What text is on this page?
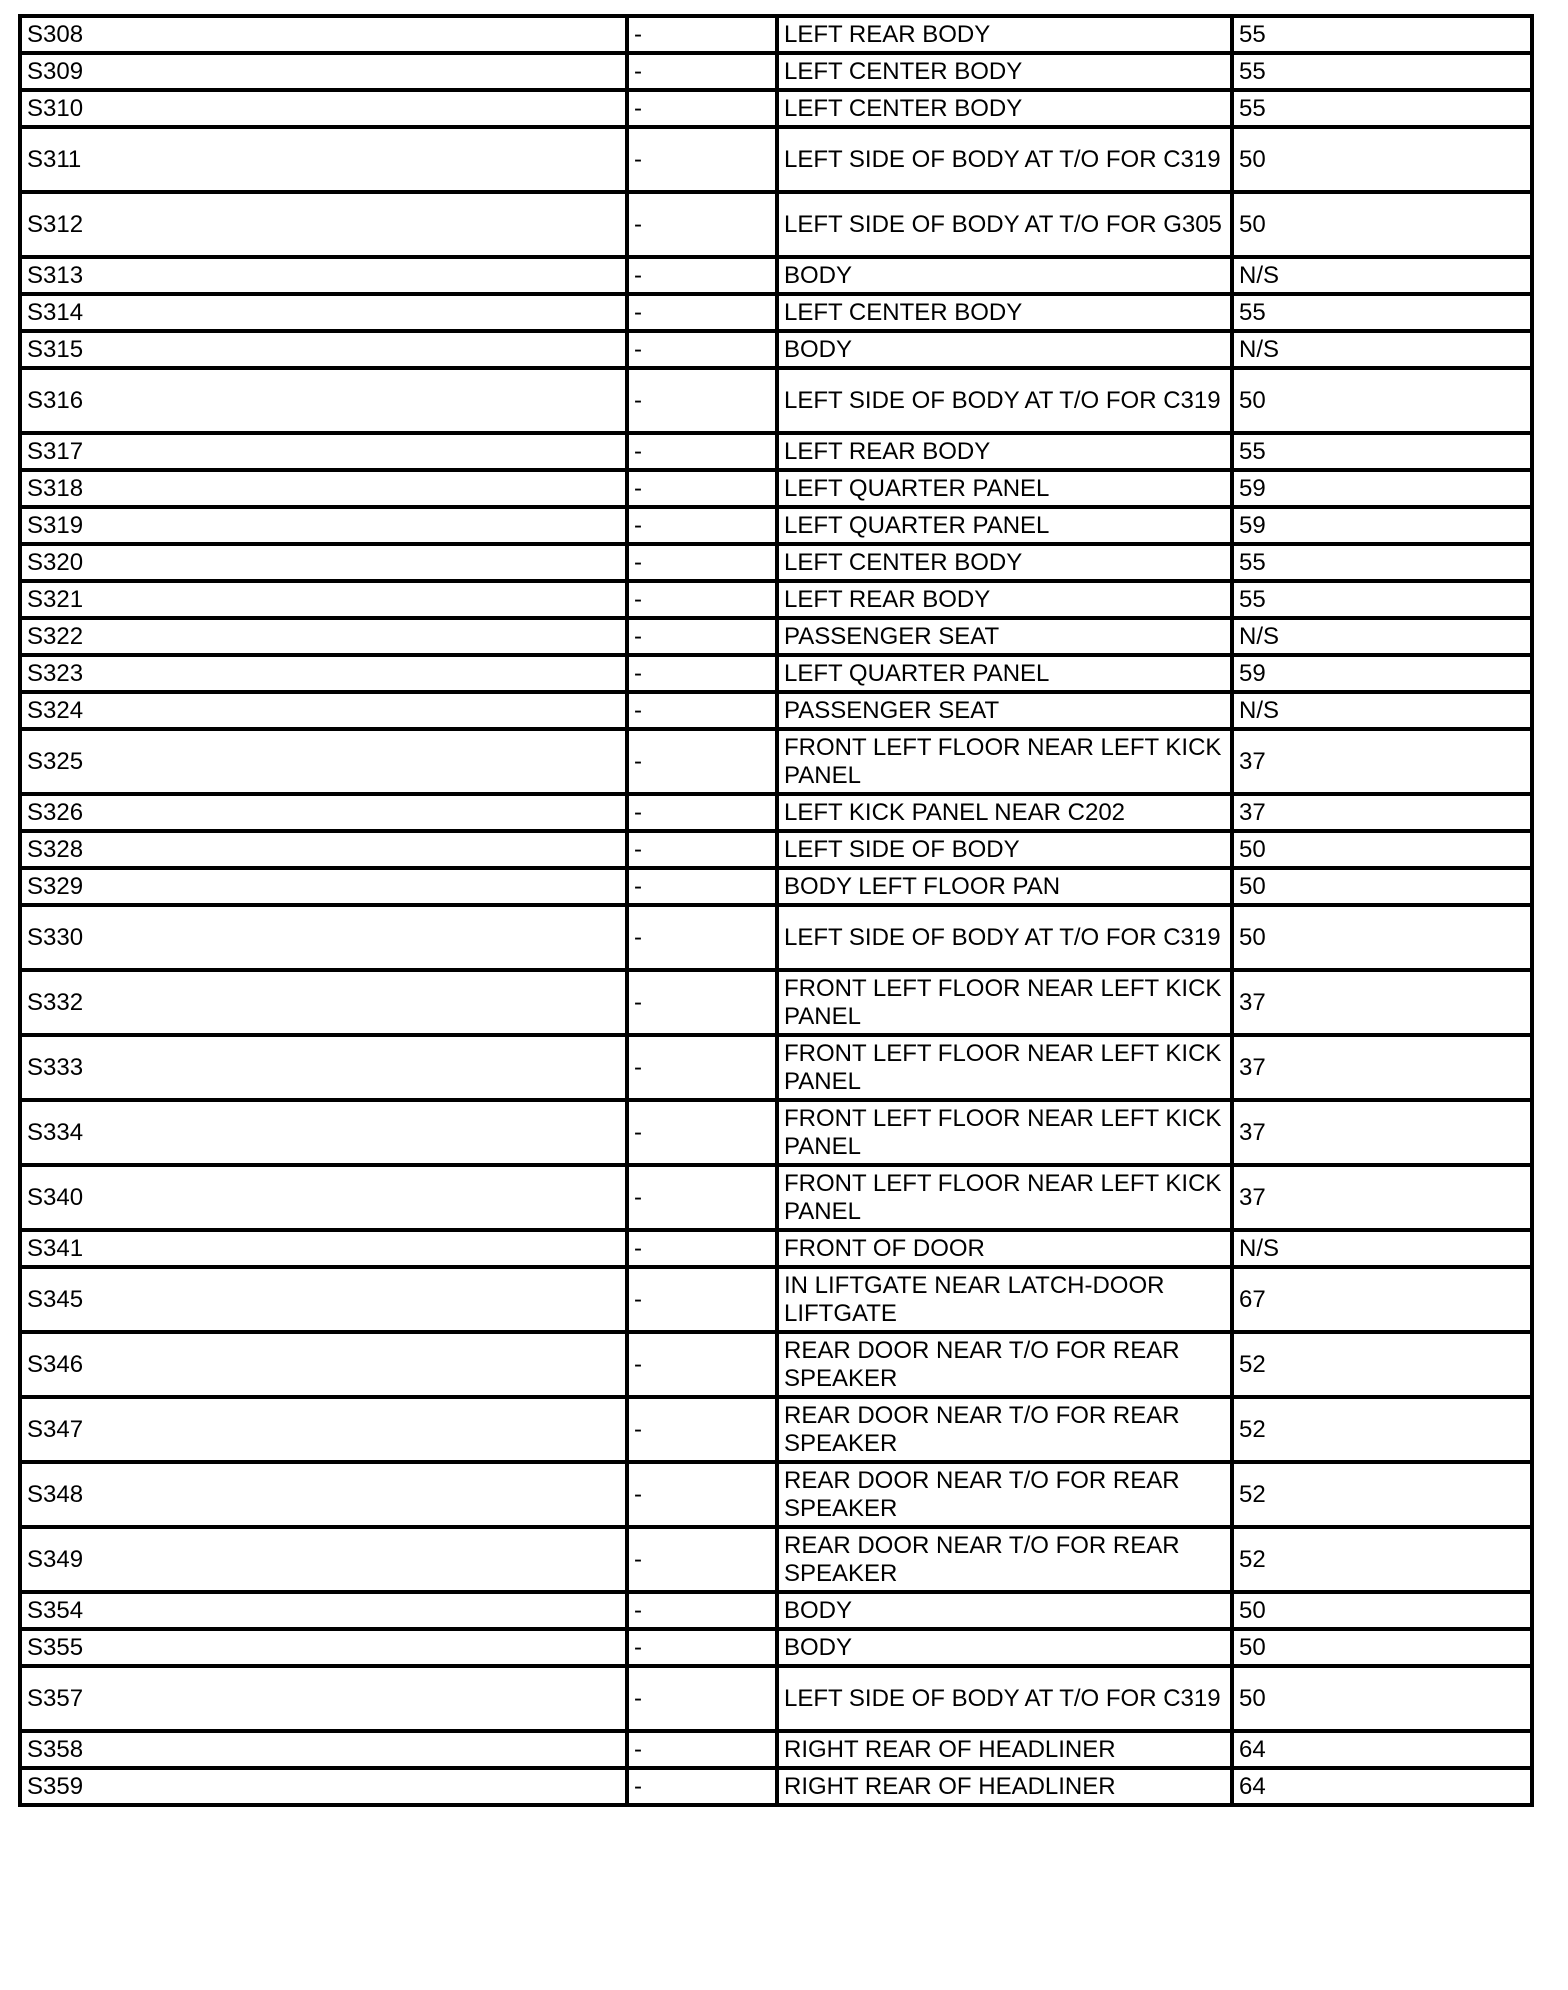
S308	-	LEFT REAR BODY	55
S309	-	LEFT CENTER BODY	55
S310	-	LEFT CENTER BODY	55
S311	-	LEFT SIDE OF BODY AT T/O FOR C319	50
S312	-	LEFT SIDE OF BODY AT T/O FOR G305	50
S313	-	BODY	N/S
S314	-	LEFT CENTER BODY	55
S315	-	BODY	N/S
S316	-	LEFT SIDE OF BODY AT T/O FOR C319	50
S317	-	LEFT REAR BODY	55
S318	-	LEFT QUARTER PANEL	59
S319	-	LEFT QUARTER PANEL	59
S320	-	LEFT CENTER BODY	55
S321	-	LEFT REAR BODY	55
S322	-	PASSENGER SEAT	N/S
S323	-	LEFT QUARTER PANEL	59
S324	-	PASSENGER SEAT	N/S
S325	-	FRONT LEFT FLOOR NEAR LEFT KICK PANEL	37
S326	-	LEFT KICK PANEL NEAR C202	37
S328	-	LEFT SIDE OF BODY	50
S329	-	BODY LEFT FLOOR PAN	50
S330	-	LEFT SIDE OF BODY AT T/O FOR C319	50
S332	-	FRONT LEFT FLOOR NEAR LEFT KICK PANEL	37
S333	-	FRONT LEFT FLOOR NEAR LEFT KICK PANEL	37
S334	-	FRONT LEFT FLOOR NEAR LEFT KICK PANEL	37
S340	-	FRONT LEFT FLOOR NEAR LEFT KICK PANEL	37
S341	-	FRONT OF DOOR	N/S
S345	-	IN LIFTGATE NEAR LATCH-DOOR LIFTGATE	67
S346	-	REAR DOOR NEAR T/O FOR REAR SPEAKER	52
S347	-	REAR DOOR NEAR T/O FOR REAR SPEAKER	52
S348	-	REAR DOOR NEAR T/O FOR REAR SPEAKER	52
S349	-	REAR DOOR NEAR T/O FOR REAR SPEAKER	52
S354	-	BODY	50
S355	-	BODY	50
S357	-	LEFT SIDE OF BODY AT T/O FOR C319	50
S358	-	RIGHT REAR OF HEADLINER	64
S359	-	RIGHT REAR OF HEADLINER	64
